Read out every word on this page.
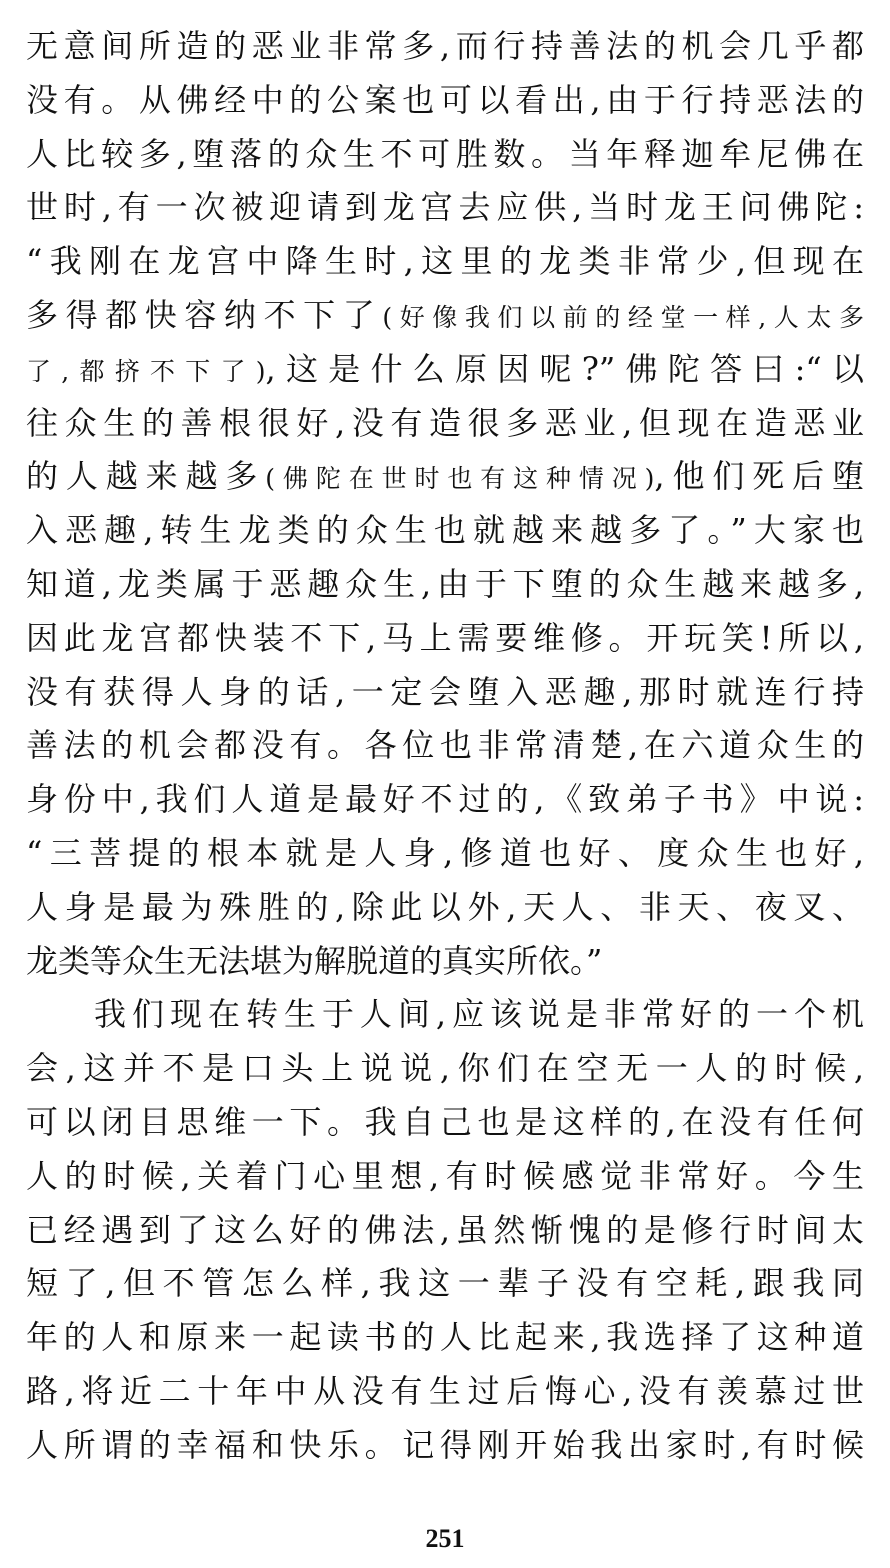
无意间所造的恶业非常多,而行持善法的机会几乎都
没有。从佛经中的公案也可以看出,由于行持恶法的
人比较多,堕落的众生不可胜数。当年释迦牟尼佛在
世时,有一次被迎请到龙宫去应供,当时龙王问佛陀:
“我刚在龙宫中降生时,这里的龙类非常少,但现在
多得都快容纳不下了(好像我们以前的经堂一样,人太多
了,都挤不下了),这是什么原因呢?”佛陀答曰:“以
往众生的善根很好,没有造很多恶业,但现在造恶业
的人越来越多(佛陀在世时也有这种情况),他们死后堕
入恶趣,转生龙类的众生也就越来越多了。”大家也
知道,龙类属于恶趣众生,由于下堕的众生越来越多,
因此龙宫都快装不下,马上需要维修。开玩笑!所以,
没有获得人身的话,一定会堕入恶趣,那时就连行持
善法的机会都没有。各位也非常清楚,在六道众生的
身份中,我们人道是最好不过的,《致弟子书》中说:
“三菩提的根本就是人身,修道也好、度众生也好,
人身是最为殊胜的,除此以外,天人、非天、夜叉、
龙类等众生无法堪为解脱道的真实所依。”
我们现在转生于人间,应该说是非常好的一个机
会,这并不是口头上说说,你们在空无一人的时候,
可以闭目思维一下。我自己也是这样的,在没有任何
人的时候,关着门心里想,有时候感觉非常好。今生
已经遇到了这么好的佛法,虽然惭愧的是修行时间太
短了,但不管怎么样,我这一辈子没有空耗,跟我同
年的人和原来一起读书的人比起来,我选择了这种道
路,将近二十年中从没有生过后悔心,没有羡慕过世
人所谓的幸福和快乐。记得刚开始我出家时,有时候
251
